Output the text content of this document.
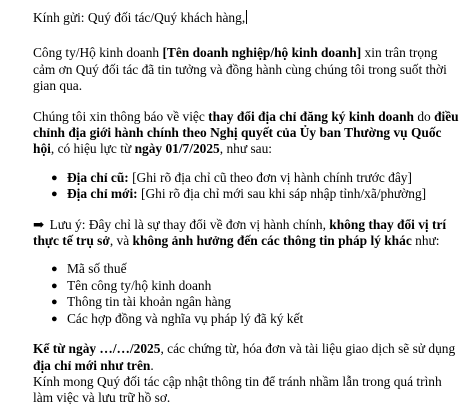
Kính gửi: Quý đối tác/Quý khách hàng,

Công ty/Hộ kinh doanh [Tên doanh nghiệp/hộ kinh doanh] xin trân trọng cảm ơn Quý đối tác đã tin tưởng và đồng hành cùng chúng tôi trong suốt thời gian qua.

Chúng tôi xin thông báo về việc thay đổi địa chỉ đăng ký kinh doanh do điều chỉnh địa giới hành chính theo Nghị quyết của Ủy ban Thường vụ Quốc hội, có hiệu lực từ ngày 01/7/2025, như sau:

● Địa chỉ cũ: [Ghi rõ địa chỉ cũ theo đơn vị hành chính trước đây]
● Địa chỉ mới: [Ghi rõ địa chỉ mới sau khi sáp nhập tỉnh/xã/phường]

➡ Lưu ý: Đây chỉ là sự thay đổi về đơn vị hành chính, không thay đổi vị trí thực tế trụ sở, và không ảnh hưởng đến các thông tin pháp lý khác như:

● Mã số thuế
● Tên công ty/hộ kinh doanh
● Thông tin tài khoản ngân hàng
● Các hợp đồng và nghĩa vụ pháp lý đã ký kết

Kể từ ngày …/…/2025, các chứng từ, hóa đơn và tài liệu giao dịch sẽ sử dụng địa chỉ mới như trên.

Kính mong Quý đối tác cập nhật thông tin để tránh nhầm lẫn trong quá trình làm việc và lưu trữ hồ sơ.
